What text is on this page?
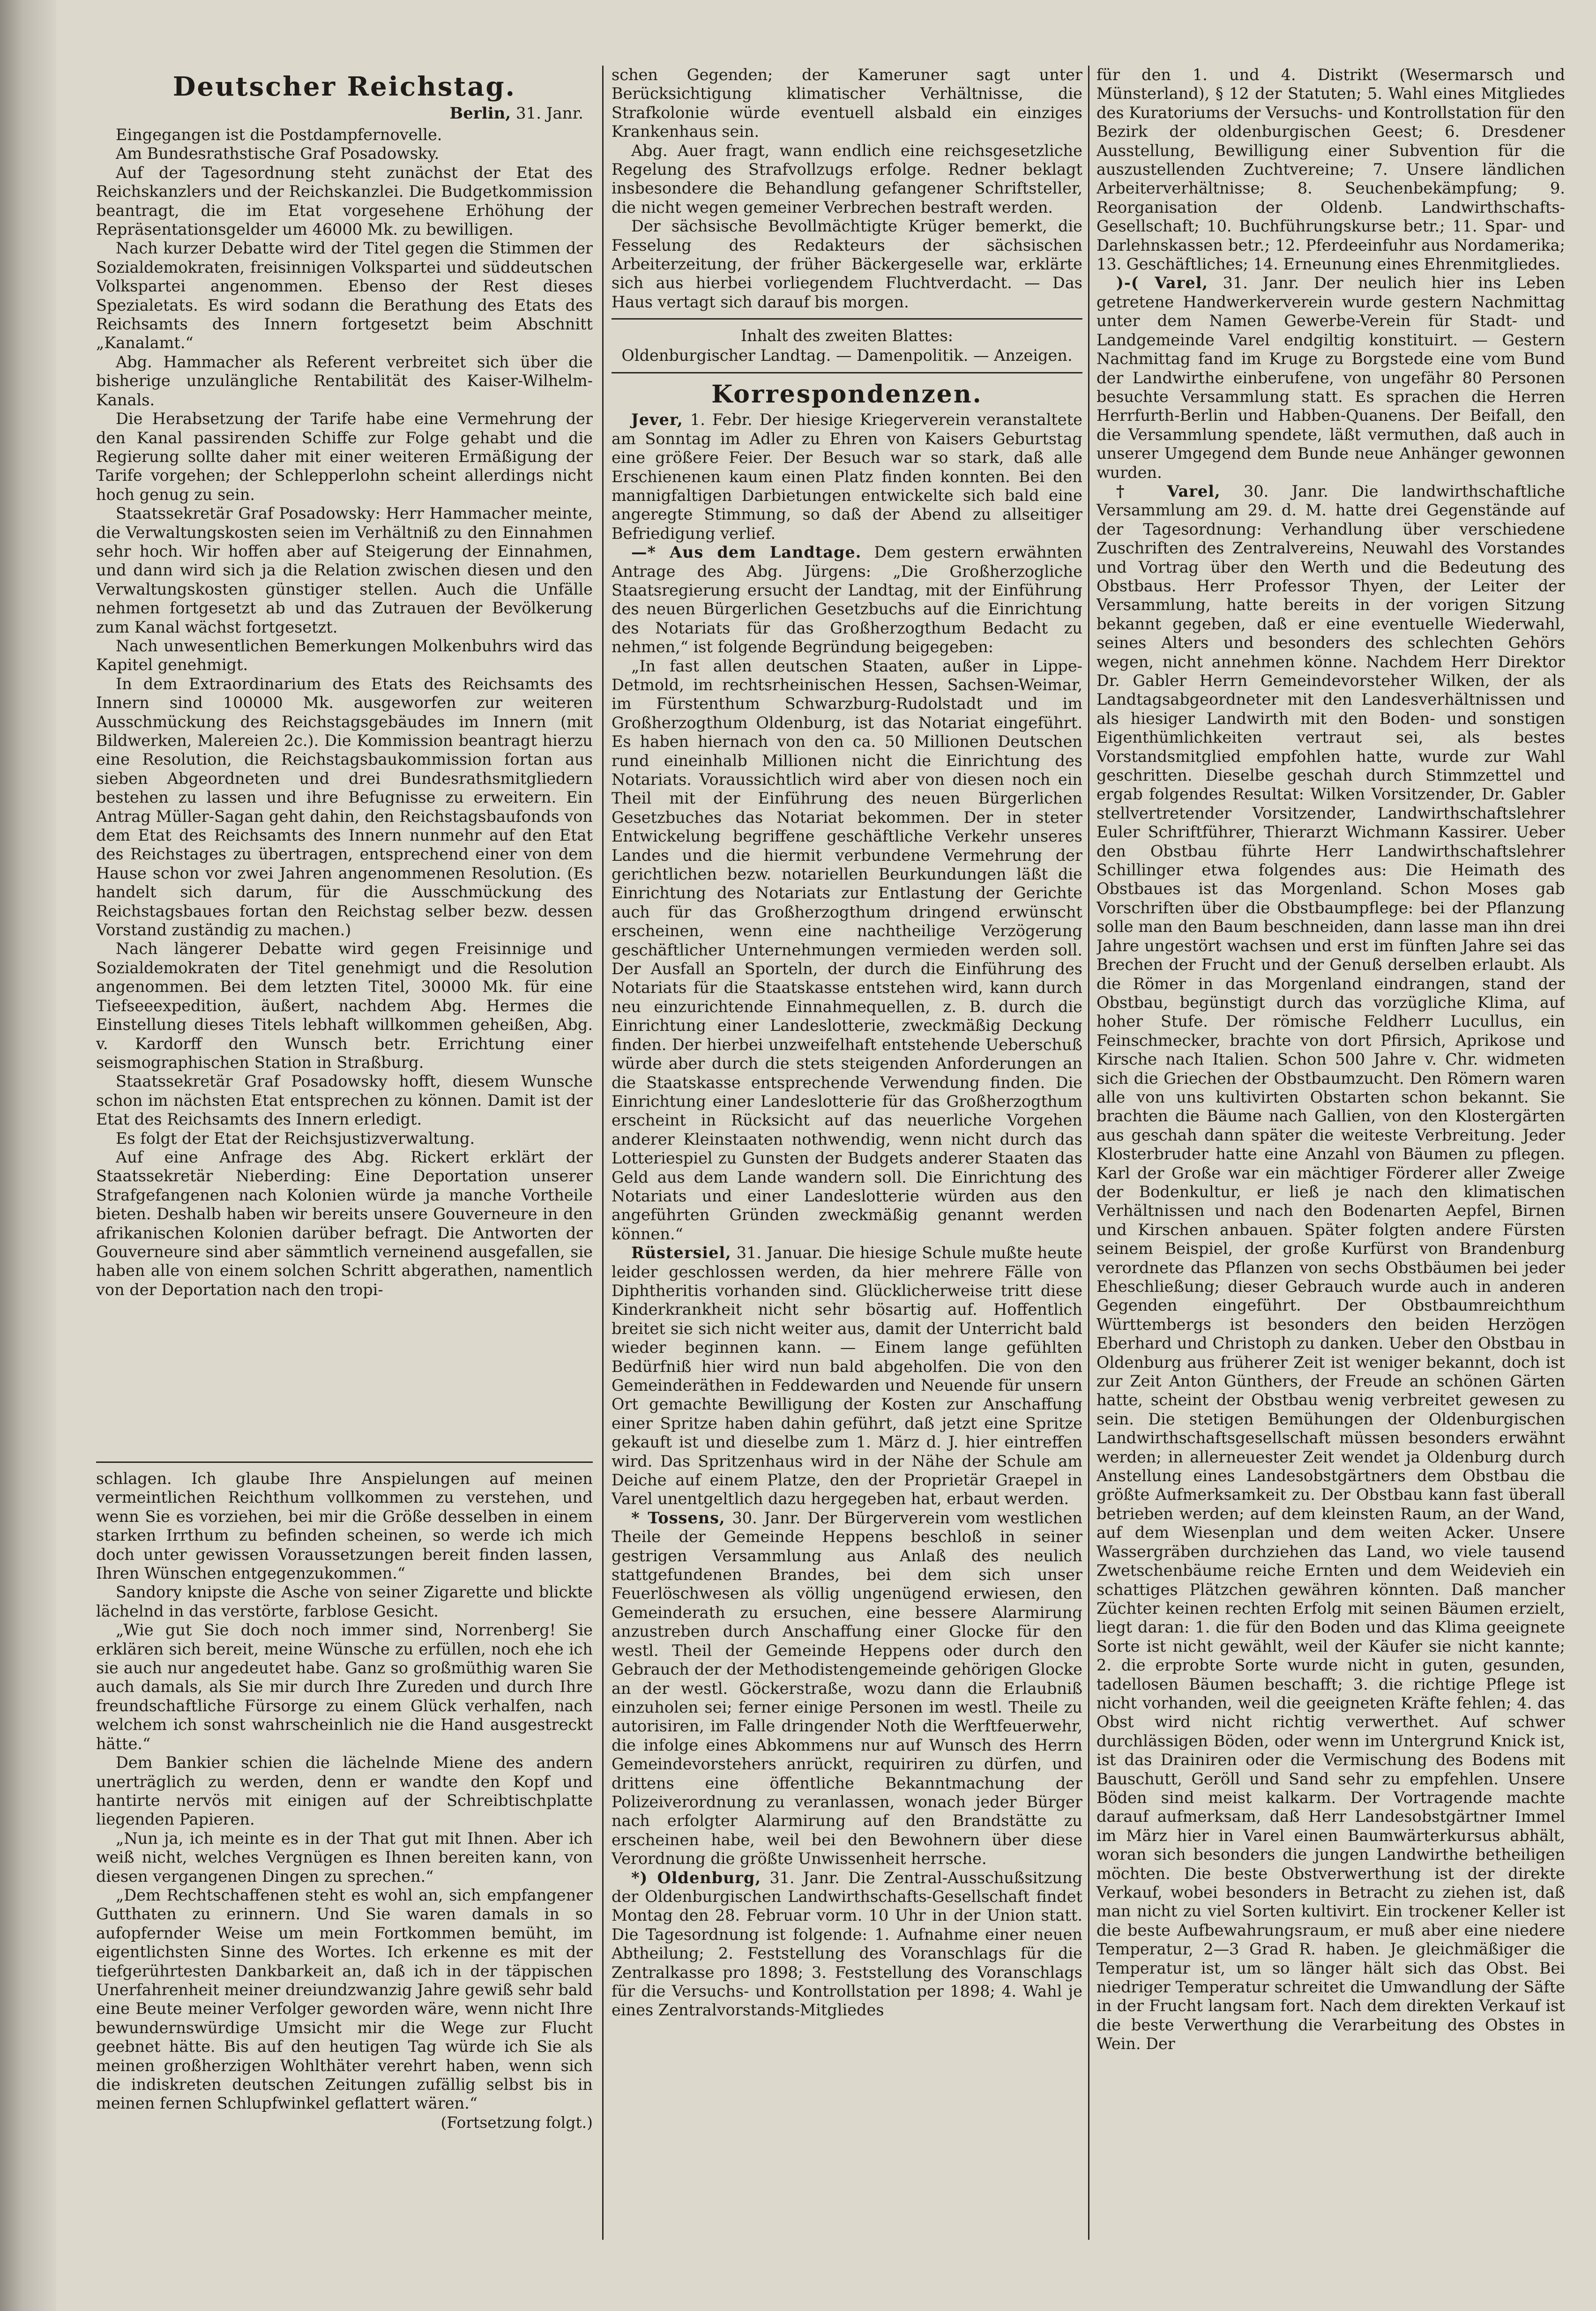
Deutscher Reichstag.
Berlin, 31. Janr.

Eingegangen ist die Postdampfernovelle.

Am Bundesrathstische Graf Posadowsky.

Auf der Tagesordnung steht zunächst der Etat des Reichskanzlers und der Reichskanzlei. Die Budgetkommission beantragt, die im Etat vorgesehene Erhöhung der Repräsentationsgelder um 46000 Mk. zu bewilligen.

Nach kurzer Debatte wird der Titel gegen die Stimmen der Sozialdemokraten, freisinnigen Volkspartei und süddeutschen Volkspartei angenommen. Ebenso der Rest dieses Spezialetats. Es wird sodann die Berathung des Etats des Reichsamts des Innern fortgesetzt beim Abschnitt „Kanalamt.“

Abg. Hammacher als Referent verbreitet sich über die bisherige unzulängliche Rentabilität des Kaiser-Wilhelm-Kanals.

Die Herabsetzung der Tarife habe eine Vermehrung der den Kanal passirenden Schiffe zur Folge gehabt und die Regierung sollte daher mit einer weiteren Ermäßigung der Tarife vorgehen; der Schlepperlohn scheint allerdings nicht hoch genug zu sein.

Staatssekretär Graf Posadowsky: Herr Hammacher meinte, die Verwaltungskosten seien im Verhältniß zu den Einnahmen sehr hoch. Wir hoffen aber auf Steigerung der Einnahmen, und dann wird sich ja die Relation zwischen diesen und den Verwaltungskosten günstiger stellen. Auch die Unfälle nehmen fortgesetzt ab und das Zutrauen der Bevölkerung zum Kanal wächst fortgesetzt.

Nach unwesentlichen Bemerkungen Molkenbuhrs wird das Kapitel genehmigt.

In dem Extraordinarium des Etats des Reichsamts des Innern sind 100000 Mk. ausgeworfen zur weiteren Ausschmückung des Reichstagsgebäudes im Innern (mit Bildwerken, Malereien 2c.). Die Kommission beantragt hierzu eine Resolution, die Reichstagsbaukommission fortan aus sieben Abgeordneten und drei Bundesrathsmitgliedern bestehen zu lassen und ihre Befugnisse zu erweitern. Ein Antrag Müller-Sagan geht dahin, den Reichstagsbaufonds von dem Etat des Reichsamts des Innern nunmehr auf den Etat des Reichstages zu übertragen, entsprechend einer von dem Hause schon vor zwei Jahren angenommenen Resolution. (Es handelt sich darum, für die Ausschmückung des Reichstagsbaues fortan den Reichstag selber bezw. dessen Vorstand zuständig zu machen.)

Nach längerer Debatte wird gegen Freisinnige und Sozialdemokraten der Titel genehmigt und die Resolution angenommen. Bei dem letzten Titel, 30000 Mk. für eine Tiefseeexpedition, äußert, nachdem Abg. Hermes die Einstellung dieses Titels lebhaft willkommen geheißen, Abg. v. Kardorff den Wunsch betr. Errichtung einer seismographischen Station in Straßburg.

Staatssekretär Graf Posadowsky hofft, diesem Wunsche schon im nächsten Etat entsprechen zu können. Damit ist der Etat des Reichsamts des Innern erledigt.

Es folgt der Etat der Reichsjustizverwaltung.

Auf eine Anfrage des Abg. Rickert erklärt der Staatssekretär Nieberding: Eine Deportation unserer Strafgefangenen nach Kolonien würde ja manche Vortheile bieten. Deshalb haben wir bereits unsere Gouverneure in den afrikanischen Kolonien darüber befragt. Die Antworten der Gouverneure sind aber sämmtlich verneinend ausgefallen, sie haben alle von einem solchen Schritt abgerathen, namentlich von der Deportation nach den tropi-

schlagen. Ich glaube Ihre Anspielungen auf meinen vermeintlichen Reichthum vollkommen zu verstehen, und wenn Sie es vorziehen, bei mir die Größe desselben in einem starken Irrthum zu befinden scheinen, so werde ich mich doch unter gewissen Voraussetzungen bereit finden lassen, Ihren Wünschen entgegenzukommen.“

Sandory knipste die Asche von seiner Zigarette und blickte lächelnd in das verstörte, farblose Gesicht.

„Wie gut Sie doch noch immer sind, Norrenberg! Sie erklären sich bereit, meine Wünsche zu erfüllen, noch ehe ich sie auch nur angedeutet habe. Ganz so großmüthig waren Sie auch damals, als Sie mir durch Ihre Zureden und durch Ihre freundschaftliche Fürsorge zu einem Glück verhalfen, nach welchem ich sonst wahrscheinlich nie die Hand ausgestreckt hätte.“

Dem Bankier schien die lächelnde Miene des andern unerträglich zu werden, denn er wandte den Kopf und hantirte nervös mit einigen auf der Schreibtischplatte liegenden Papieren.

„Nun ja, ich meinte es in der That gut mit Ihnen. Aber ich weiß nicht, welches Vergnügen es Ihnen bereiten kann, von diesen vergangenen Dingen zu sprechen.“

„Dem Rechtschaffenen steht es wohl an, sich empfangener Gutthaten zu erinnern. Und Sie waren damals in so aufopfernder Weise um mein Fortkommen bemüht, im eigentlichsten Sinne des Wortes. Ich erkenne es mit der tiefgerührtesten Dankbarkeit an, daß ich in der täppischen Unerfahrenheit meiner dreiundzwanzig Jahre gewiß sehr bald eine Beute meiner Verfolger geworden wäre, wenn nicht Ihre bewundernswürdige Umsicht mir die Wege zur Flucht geebnet hätte. Bis auf den heutigen Tag würde ich Sie als meinen großherzigen Wohlthäter verehrt haben, wenn sich die indiskreten deutschen Zeitungen zufällig selbst bis in meinen fernen Schlupfwinkel geflattert wären.“

(Fortsetzung folgt.)

schen Gegenden; der Kameruner sagt unter Berücksichtigung klimatischer Verhältnisse, die Strafkolonie würde eventuell alsbald ein einziges Krankenhaus sein.

Abg. Auer fragt, wann endlich eine reichsgesetzliche Regelung des Strafvollzugs erfolge. Redner beklagt insbesondere die Behandlung gefangener Schriftsteller, die nicht wegen gemeiner Verbrechen bestraft werden.

Der sächsische Bevollmächtigte Krüger bemerkt, die Fesselung des Redakteurs der sächsischen Arbeiterzeitung, der früher Bäckergeselle war, erklärte sich aus hierbei vorliegendem Fluchtverdacht. — Das Haus vertagt sich darauf bis morgen.

Inhalt des zweiten Blattes:
Oldenburgischer Landtag. — Damenpolitik. — Anzeigen.
Korrespondenzen.

Jever, 1. Febr. Der hiesige Kriegerverein veranstaltete am Sonntag im Adler zu Ehren von Kaisers Geburtstag eine größere Feier. Der Besuch war so stark, daß alle Erschienenen kaum einen Platz finden konnten. Bei den mannigfaltigen Darbietungen entwickelte sich bald eine angeregte Stimmung, so daß der Abend zu allseitiger Befriedigung verlief.

—* Aus dem Landtage. Dem gestern erwähnten Antrage des Abg. Jürgens: „Die Großherzogliche Staatsregierung ersucht der Landtag, mit der Einführung des neuen Bürgerlichen Gesetzbuchs auf die Einrichtung des Notariats für das Großherzogthum Bedacht zu nehmen,“ ist folgende Begründung beigegeben:

„In fast allen deutschen Staaten, außer in Lippe-Detmold, im rechtsrheinischen Hessen, Sachsen-Weimar, im Fürstenthum Schwarzburg-Rudolstadt und im Großherzogthum Oldenburg, ist das Notariat eingeführt. Es haben hiernach von den ca. 50 Millionen Deutschen rund eineinhalb Millionen nicht die Einrichtung des Notariats. Voraussichtlich wird aber von diesen noch ein Theil mit der Einführung des neuen Bürgerlichen Gesetzbuches das Notariat bekommen. Der in steter Entwickelung begriffene geschäftliche Verkehr unseres Landes und die hiermit verbundene Vermehrung der gerichtlichen bezw. notariellen Beurkundungen läßt die Einrichtung des Notariats zur Entlastung der Gerichte auch für das Großherzogthum dringend erwünscht erscheinen, wenn eine nachtheilige Verzögerung geschäftlicher Unternehmungen vermieden werden soll. Der Ausfall an Sporteln, der durch die Einführung des Notariats für die Staatskasse entstehen wird, kann durch neu einzurichtende Einnahmequellen, z. B. durch die Einrichtung einer Landeslotterie, zweckmäßig Deckung finden. Der hierbei unzweifelhaft entstehende Ueberschuß würde aber durch die stets steigenden Anforderungen an die Staatskasse entsprechende Verwendung finden. Die Einrichtung einer Landeslotterie für das Großherzogthum erscheint in Rücksicht auf das neuerliche Vorgehen anderer Kleinstaaten nothwendig, wenn nicht durch das Lotteriespiel zu Gunsten der Budgets anderer Staaten das Geld aus dem Lande wandern soll. Die Einrichtung des Notariats und einer Landeslotterie würden aus den angeführten Gründen zweckmäßig genannt werden können.“

Rüstersiel, 31. Januar. Die hiesige Schule mußte heute leider geschlossen werden, da hier mehrere Fälle von Diphtheritis vorhanden sind. Glücklicherweise tritt diese Kinderkrankheit nicht sehr bösartig auf. Hoffentlich breitet sie sich nicht weiter aus, damit der Unterricht bald wieder beginnen kann. — Einem lange gefühlten Bedürfniß hier wird nun bald abgeholfen. Die von den Gemeinderäthen in Feddewarden und Neuende für unsern Ort gemachte Bewilligung der Kosten zur Anschaffung einer Spritze haben dahin geführt, daß jetzt eine Spritze gekauft ist und dieselbe zum 1. März d. J. hier eintreffen wird. Das Spritzenhaus wird in der Nähe der Schule am Deiche auf einem Platze, den der Proprietär Graepel in Varel unentgeltlich dazu hergegeben hat, erbaut werden.

* Tossens, 30. Janr. Der Bürgerverein vom westlichen Theile der Gemeinde Heppens beschloß in seiner gestrigen Versammlung aus Anlaß des neulich stattgefundenen Brandes, bei dem sich unser Feuerlöschwesen als völlig ungenügend erwiesen, den Gemeinderath zu ersuchen, eine bessere Alarmirung anzustreben durch Anschaffung einer Glocke für den westl. Theil der Gemeinde Heppens oder durch den Gebrauch der der Methodistengemeinde gehörigen Glocke an der westl. Göckerstraße, wozu dann die Erlaubniß einzuholen sei; ferner einige Personen im westl. Theile zu autorisiren, im Falle dringender Noth die Werftfeuerwehr, die infolge eines Abkommens nur auf Wunsch des Herrn Gemeindevorstehers anrückt, requiriren zu dürfen, und drittens eine öffentliche Bekanntmachung der Polizeiverordnung zu veranlassen, wonach jeder Bürger nach erfolgter Alarmirung auf den Brandstätte zu erscheinen habe, weil bei den Bewohnern über diese Verordnung die größte Unwissenheit herrsche.

*) Oldenburg, 31. Janr. Die Zentral-Ausschußsitzung der Oldenburgischen Landwirthschafts-Gesellschaft findet Montag den 28. Februar vorm. 10 Uhr in der Union statt. Die Tagesordnung ist folgende: 1. Aufnahme einer neuen Abtheilung; 2. Feststellung des Voranschlags für die Zentralkasse pro 1898; 3. Feststellung des Voranschlags für die Versuchs- und Kontrollstation per 1898; 4. Wahl je eines Zentralvorstands-Mitgliedes

für den 1. und 4. Distrikt (Wesermarsch und Münsterland), § 12 der Statuten; 5. Wahl eines Mitgliedes des Kuratoriums der Versuchs- und Kontrollstation für den Bezirk der oldenburgischen Geest; 6. Dresdener Ausstellung, Bewilligung einer Subvention für die auszustellenden Zuchtvereine; 7. Unsere ländlichen Arbeiterverhältnisse; 8. Seuchenbekämpfung; 9. Reorganisation der Oldenb. Landwirthschafts-Gesellschaft; 10. Buchführungskurse betr.; 11. Spar- und Darlehnskassen betr.; 12. Pferdeeinfuhr aus Nordamerika; 13. Geschäftliches; 14. Erneunung eines Ehrenmitgliedes.

)-( Varel, 31. Janr. Der neulich hier ins Leben getretene Handwerkerverein wurde gestern Nachmittag unter dem Namen Gewerbe-Verein für Stadt- und Landgemeinde Varel endgiltig konstituirt. — Gestern Nachmittag fand im Kruge zu Borgstede eine vom Bund der Landwirthe einberufene, von ungefähr 80 Personen besuchte Versammlung statt. Es sprachen die Herren Herrfurth-Berlin und Habben-Quanens. Der Beifall, den die Versammlung spendete, läßt vermuthen, daß auch in unserer Umgegend dem Bunde neue Anhänger gewonnen wurden.

† Varel, 30. Janr. Die landwirthschaftliche Versammlung am 29. d. M. hatte drei Gegenstände auf der Tagesordnung: Verhandlung über verschiedene Zuschriften des Zentralvereins, Neuwahl des Vorstandes und Vortrag über den Werth und die Bedeutung des Obstbaus. Herr Professor Thyen, der Leiter der Versammlung, hatte bereits in der vorigen Sitzung bekannt gegeben, daß er eine eventuelle Wiederwahl, seines Alters und besonders des schlechten Gehörs wegen, nicht annehmen könne. Nachdem Herr Direktor Dr. Gabler Herrn Gemeindevorsteher Wilken, der als Landtagsabgeordneter mit den Landesverhältnissen und als hiesiger Landwirth mit den Boden- und sonstigen Eigenthümlichkeiten vertraut sei, als bestes Vorstandsmitglied empfohlen hatte, wurde zur Wahl geschritten. Dieselbe geschah durch Stimmzettel und ergab folgendes Resultat: Wilken Vorsitzender, Dr. Gabler stellvertretender Vorsitzender, Landwirthschaftslehrer Euler Schriftführer, Thierarzt Wichmann Kassirer. Ueber den Obstbau führte Herr Landwirthschaftslehrer Schillinger etwa folgendes aus: Die Heimath des Obstbaues ist das Morgenland. Schon Moses gab Vorschriften über die Obstbaumpflege: bei der Pflanzung solle man den Baum beschneiden, dann lasse man ihn drei Jahre ungestört wachsen und erst im fünften Jahre sei das Brechen der Frucht und der Genuß derselben erlaubt. Als die Römer in das Morgenland eindrangen, stand der Obstbau, begünstigt durch das vorzügliche Klima, auf hoher Stufe. Der römische Feldherr Lucullus, ein Feinschmecker, brachte von dort Pfirsich, Aprikose und Kirsche nach Italien. Schon 500 Jahre v. Chr. widmeten sich die Griechen der Obstbaumzucht. Den Römern waren alle von uns kultivirten Obstarten schon bekannt. Sie brachten die Bäume nach Gallien, von den Klostergärten aus geschah dann später die weiteste Verbreitung. Jeder Klosterbruder hatte eine Anzahl von Bäumen zu pflegen. Karl der Große war ein mächtiger Förderer aller Zweige der Bodenkultur, er ließ je nach den klimatischen Verhältnissen und nach den Bodenarten Aepfel, Birnen und Kirschen anbauen. Später folgten andere Fürsten seinem Beispiel, der große Kurfürst von Brandenburg verordnete das Pflanzen von sechs Obstbäumen bei jeder Eheschließung; dieser Gebrauch wurde auch in anderen Gegenden eingeführt. Der Obstbaumreichthum Württembergs ist besonders den beiden Herzögen Eberhard und Christoph zu danken. Ueber den Obstbau in Oldenburg aus früherer Zeit ist weniger bekannt, doch ist zur Zeit Anton Günthers, der Freude an schönen Gärten hatte, scheint der Obstbau wenig verbreitet gewesen zu sein. Die stetigen Bemühungen der Oldenburgischen Landwirthschaftsgesellschaft müssen besonders erwähnt werden; in allerneuester Zeit wendet ja Oldenburg durch Anstellung eines Landesobstgärtners dem Obstbau die größte Aufmerksamkeit zu. Der Obstbau kann fast überall betrieben werden; auf dem kleinsten Raum, an der Wand, auf dem Wiesenplan und dem weiten Acker. Unsere Wassergräben durchziehen das Land, wo viele tausend Zwetschenbäume reiche Ernten und dem Weidevieh ein schattiges Plätzchen gewähren könnten. Daß mancher Züchter keinen rechten Erfolg mit seinen Bäumen erzielt, liegt daran: 1. die für den Boden und das Klima geeignete Sorte ist nicht gewählt, weil der Käufer sie nicht kannte; 2. die erprobte Sorte wurde nicht in guten, gesunden, tadellosen Bäumen beschafft; 3. die richtige Pflege ist nicht vorhanden, weil die geeigneten Kräfte fehlen; 4. das Obst wird nicht richtig verwerthet. Auf schwer durchlässigen Böden, oder wenn im Untergrund Knick ist, ist das Drainiren oder die Vermischung des Bodens mit Bauschutt, Geröll und Sand sehr zu empfehlen. Unsere Böden sind meist kalkarm. Der Vortragende machte darauf aufmerksam, daß Herr Landesobstgärtner Immel im März hier in Varel einen Baumwärterkursus abhält, woran sich besonders die jungen Landwirthe betheiligen möchten. Die beste Obstverwerthung ist der direkte Verkauf, wobei besonders in Betracht zu ziehen ist, daß man nicht zu viel Sorten kultivirt. Ein trockener Keller ist die beste Aufbewahrungsraum, er muß aber eine niedere Temperatur, 2—3 Grad R. haben. Je gleichmäßiger die Temperatur ist, um so länger hält sich das Obst. Bei niedriger Temperatur schreitet die Umwandlung der Säfte in der Frucht langsam fort. Nach dem direkten Verkauf ist die beste Verwerthung die Verarbeitung des Obstes in Wein. Der
